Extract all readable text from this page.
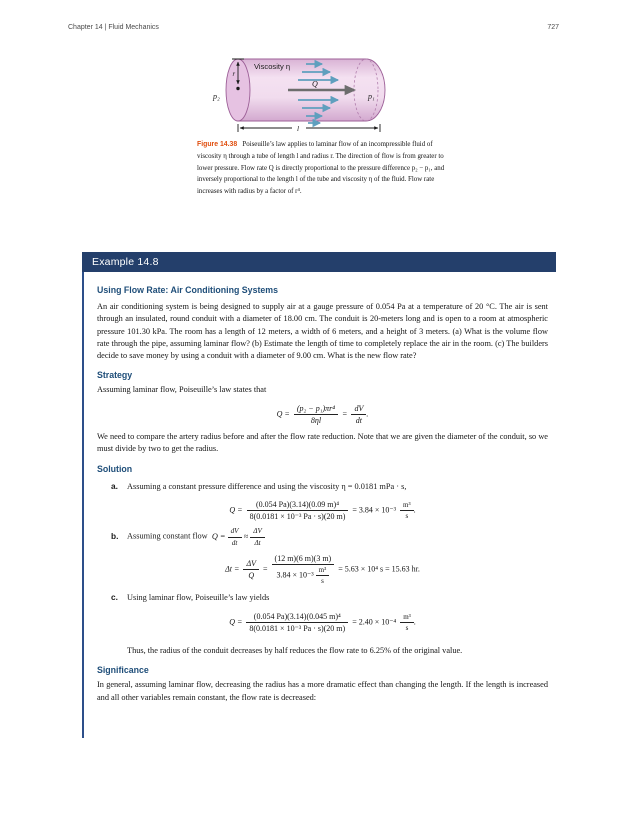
Chapter 14 | Fluid Mechanics	727
Q
r
Viscosity η
p₂	p₁
l
Figure 14.38 Poiseuille’s law applies to laminar flow of an incompressible fluid of viscosity η through a tube of length l and radius r. The direction of flow is from greater to lower pressure. Flow rate Q is directly proportional to the pressure difference p₂ − p₁, and inversely proportional to the length l of the tube and viscosity η of the fluid. Flow rate increases with radius by a factor of r⁴.
Example 14.8
Using Flow Rate: Air Conditioning Systems
An air conditioning system is being designed to supply air at a gauge pressure of 0.054 Pa at a temperature of 20 °C. The air is sent through an insulated, round conduit with a diameter of 18.00 cm. The conduit is 20-meters long and is open to a room at atmospheric pressure 101.30 kPa. The room has a length of 12 meters, a width of 6 meters, and a height of 3 meters. (a) What is the volume flow rate through the pipe, assuming laminar flow? (b) Estimate the length of time to completely replace the air in the room. (c) The builders decide to save money by using a conduit with a diameter of 9.00 cm. What is the new flow rate?
Strategy
Assuming laminar flow, Poiseuille’s law states that
$Q = \frac{\text{(p₂ − p₁)πr⁴}}{8\eta l} = \frac{dV}{dt}$ .
We need to compare the artery radius before and after the flow rate reduction. Note that we are given the diameter of the conduit, so we must divide by two to get the radius.
Solution
a.	Assuming a constant pressure difference and using the viscosity η = 0.0181 mPa · s,
$Q = \frac{\text{(0.054 Pa)(3.14)(0.09 m)⁴}}{\text{8(0.0181 × 10⁻³ Pa · s)(20 m)}} = 3.84 \times 10^{-3} \frac{\text{m³}}{s}$ .
b.	Assuming constant flow $Q = \frac{dV}{dt} \approx \frac{\Delta V}{\Delta t}$
$\Delta t = \frac{\Delta V}{Q} = \frac{(12 m)(6 m)(3 m)}{3.84 \times 10^{-3} \frac{\text{m³}}{s}} = 5.63 \times 10^4$ s = 15.63 hr.
c.	Using laminar flow, Poiseuille’s law yields
$Q = \frac{\text{(0.054 Pa)(3.14)(0.045 m)⁴}}{\text{8(0.0181 × 10⁻³ Pa · s)(20 m)}} = 2.40 \times 10^{-4} \frac{\text{m³}}{s}$ .
Thus, the radius of the conduit decreases by half reduces the flow rate to 6.25% of the original value.
Significance
In general, assuming laminar flow, decreasing the radius has a more dramatic effect than changing the length. If the length is increased and all other variables remain constant, the flow rate is decreased:
